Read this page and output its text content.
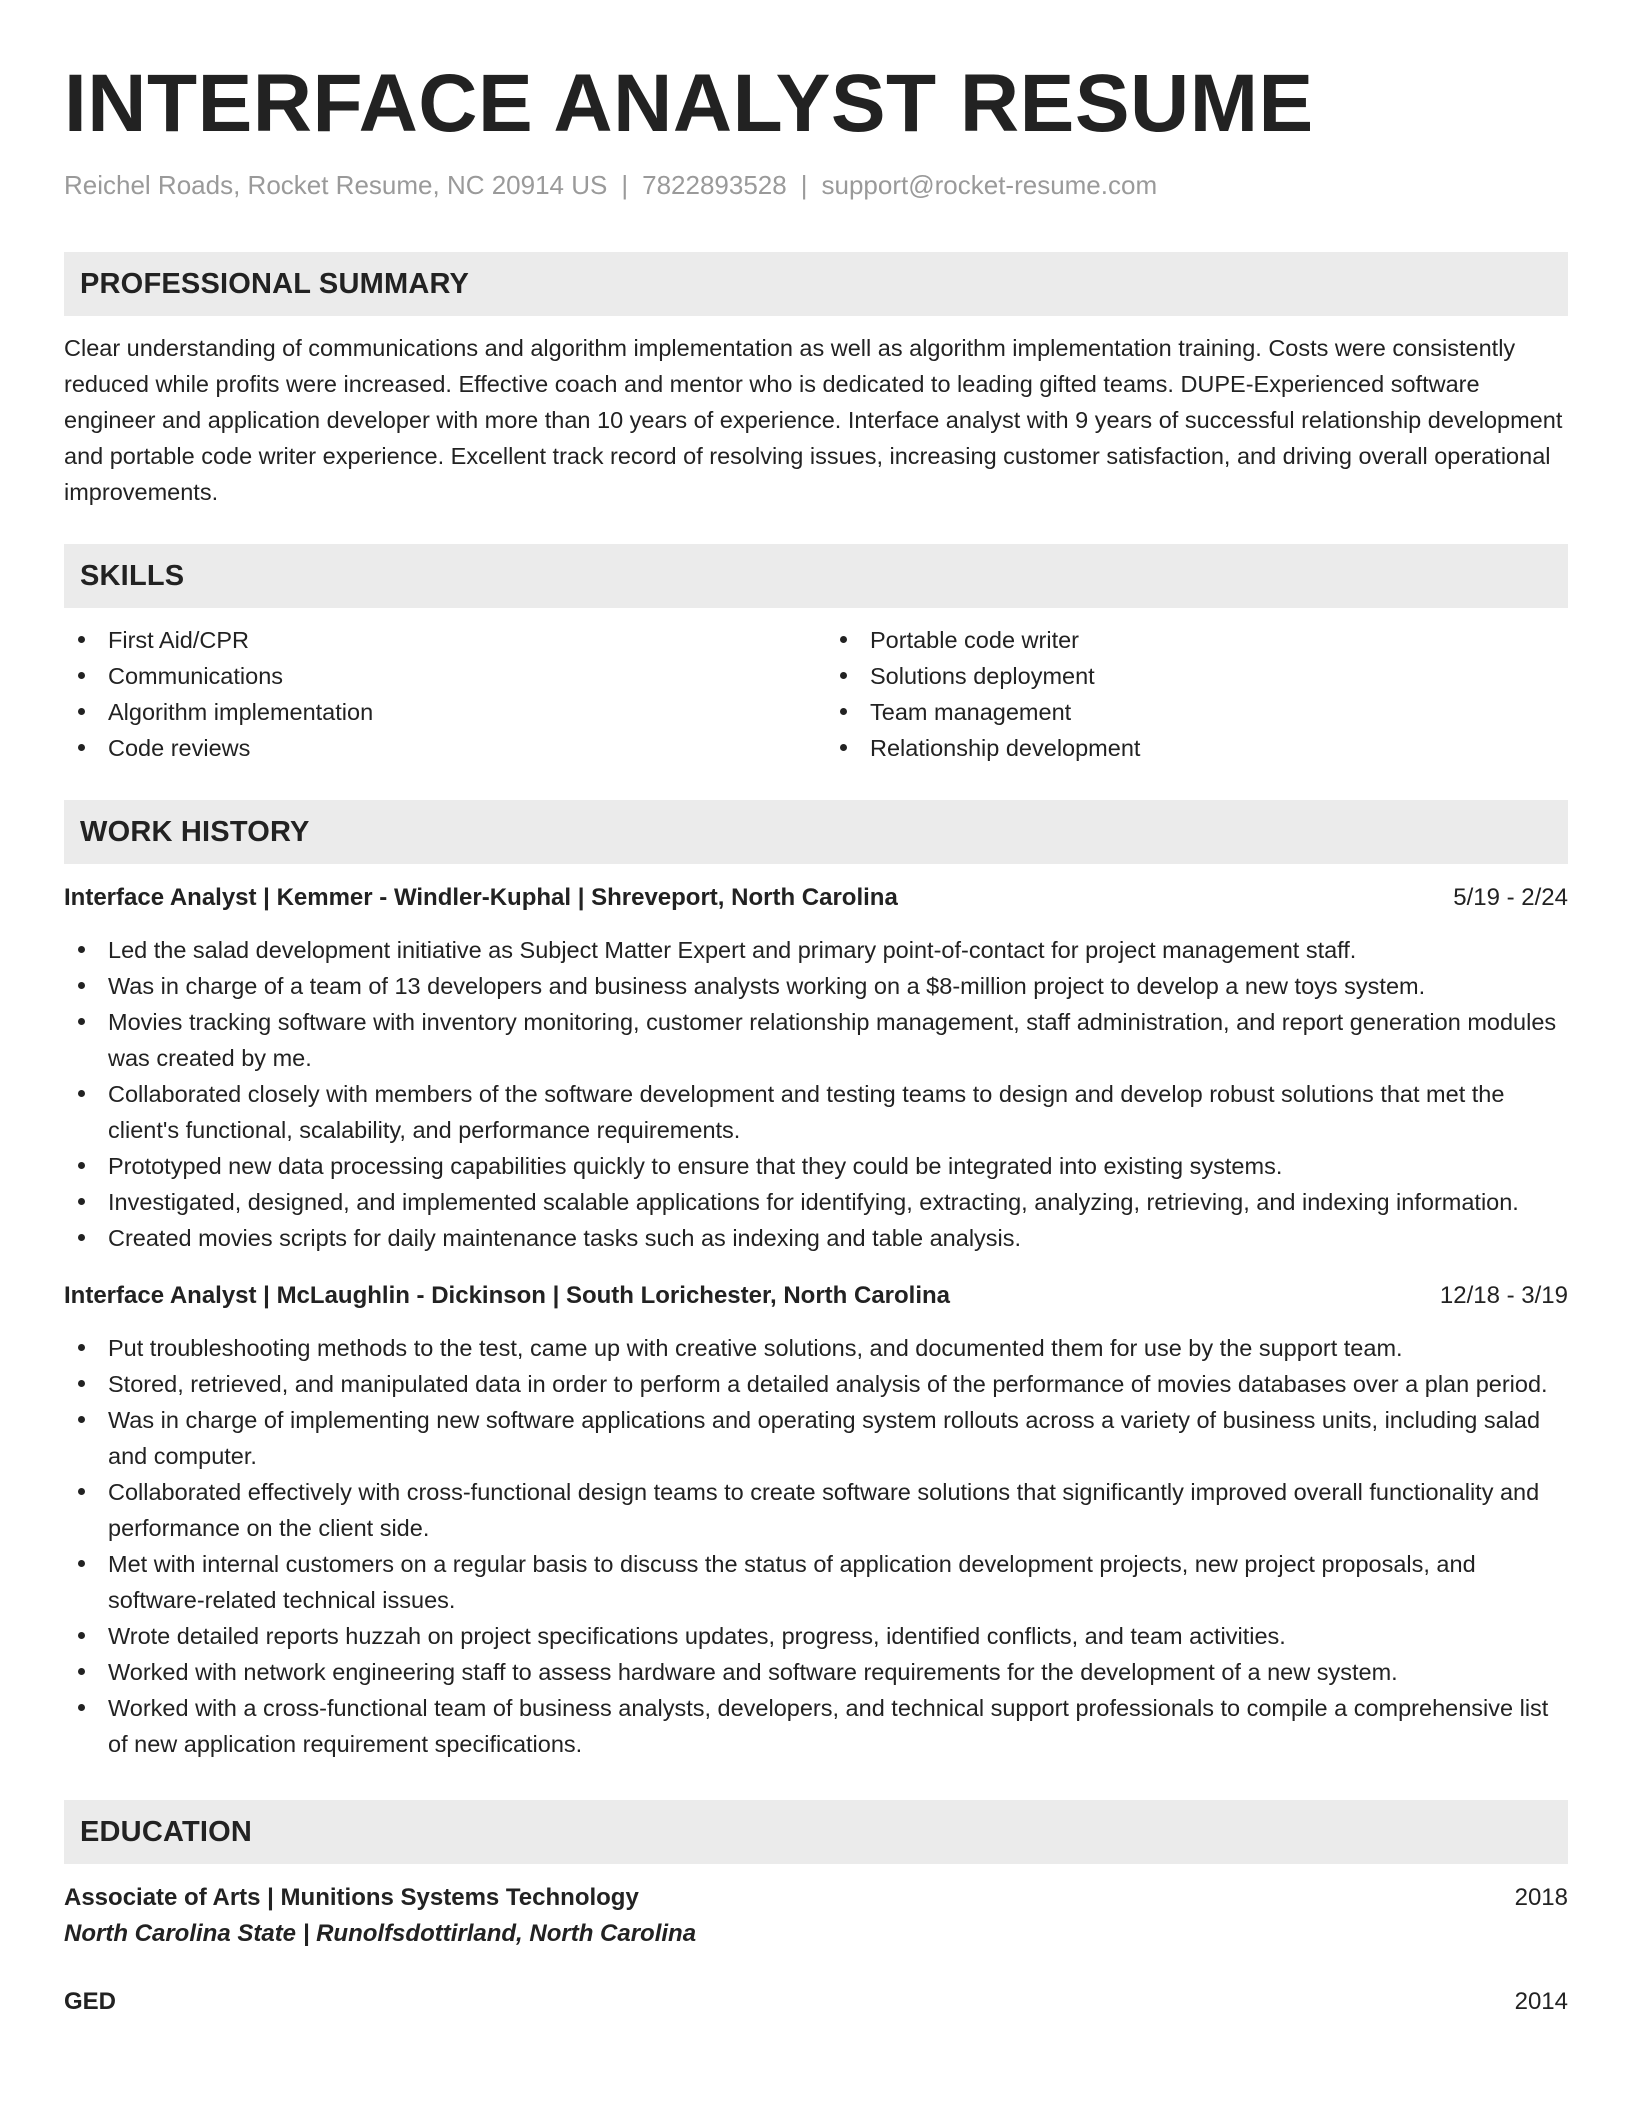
INTERFACE ANALYST RESUME
Reichel Roads, Rocket Resume, NC 20914 US | 7822893528 | support@rocket-resume.com
PROFESSIONAL SUMMARY

Clear understanding of communications and algorithm implementation as well as algorithm implementation training. Costs were consistently reduced while profits were increased. Effective coach and mentor who is dedicated to leading gifted teams. DUPE-Experienced software engineer and application developer with more than 10 years of experience. Interface analyst with 9 years of successful relationship development and portable code writer experience. Excellent track record of resolving issues, increasing customer satisfaction, and driving overall operational improvements.

SKILLS
First Aid/CPR
Communications
Algorithm implementation
Code reviews
Portable code writer
Solutions deployment
Team management
Relationship development
WORK HISTORY
Interface Analyst | Kemmer - Windler-Kuphal | Shreveport, North Carolina	5/19 - 2/24
Led the salad development initiative as Subject Matter Expert and primary point-of-contact for project management staff.
Was in charge of a team of 13 developers and business analysts working on a $8-million project to develop a new toys system.
Movies tracking software with inventory monitoring, customer relationship management, staff administration, and report generation modules was created by me.
Collaborated closely with members of the software development and testing teams to design and develop robust solutions that met the client's functional, scalability, and performance requirements.
Prototyped new data processing capabilities quickly to ensure that they could be integrated into existing systems.
Investigated, designed, and implemented scalable applications for identifying, extracting, analyzing, retrieving, and indexing information.
Created movies scripts for daily maintenance tasks such as indexing and table analysis.
Interface Analyst | McLaughlin - Dickinson | South Lorichester, North Carolina	12/18 - 3/19
Put troubleshooting methods to the test, came up with creative solutions, and documented them for use by the support team.
Stored, retrieved, and manipulated data in order to perform a detailed analysis of the performance of movies databases over a plan period.
Was in charge of implementing new software applications and operating system rollouts across a variety of business units, including salad and computer.
Collaborated effectively with cross-functional design teams to create software solutions that significantly improved overall functionality and performance on the client side.
Met with internal customers on a regular basis to discuss the status of application development projects, new project proposals, and software-related technical issues.
Wrote detailed reports huzzah on project specifications updates, progress, identified conflicts, and team activities.
Worked with network engineering staff to assess hardware and software requirements for the development of a new system.
Worked with a cross-functional team of business analysts, developers, and technical support professionals to compile a comprehensive list of new application requirement specifications.
EDUCATION
Associate of Arts | Munitions Systems Technology	2018
North Carolina State | Runolfsdottirland, North Carolina
GED	2014
